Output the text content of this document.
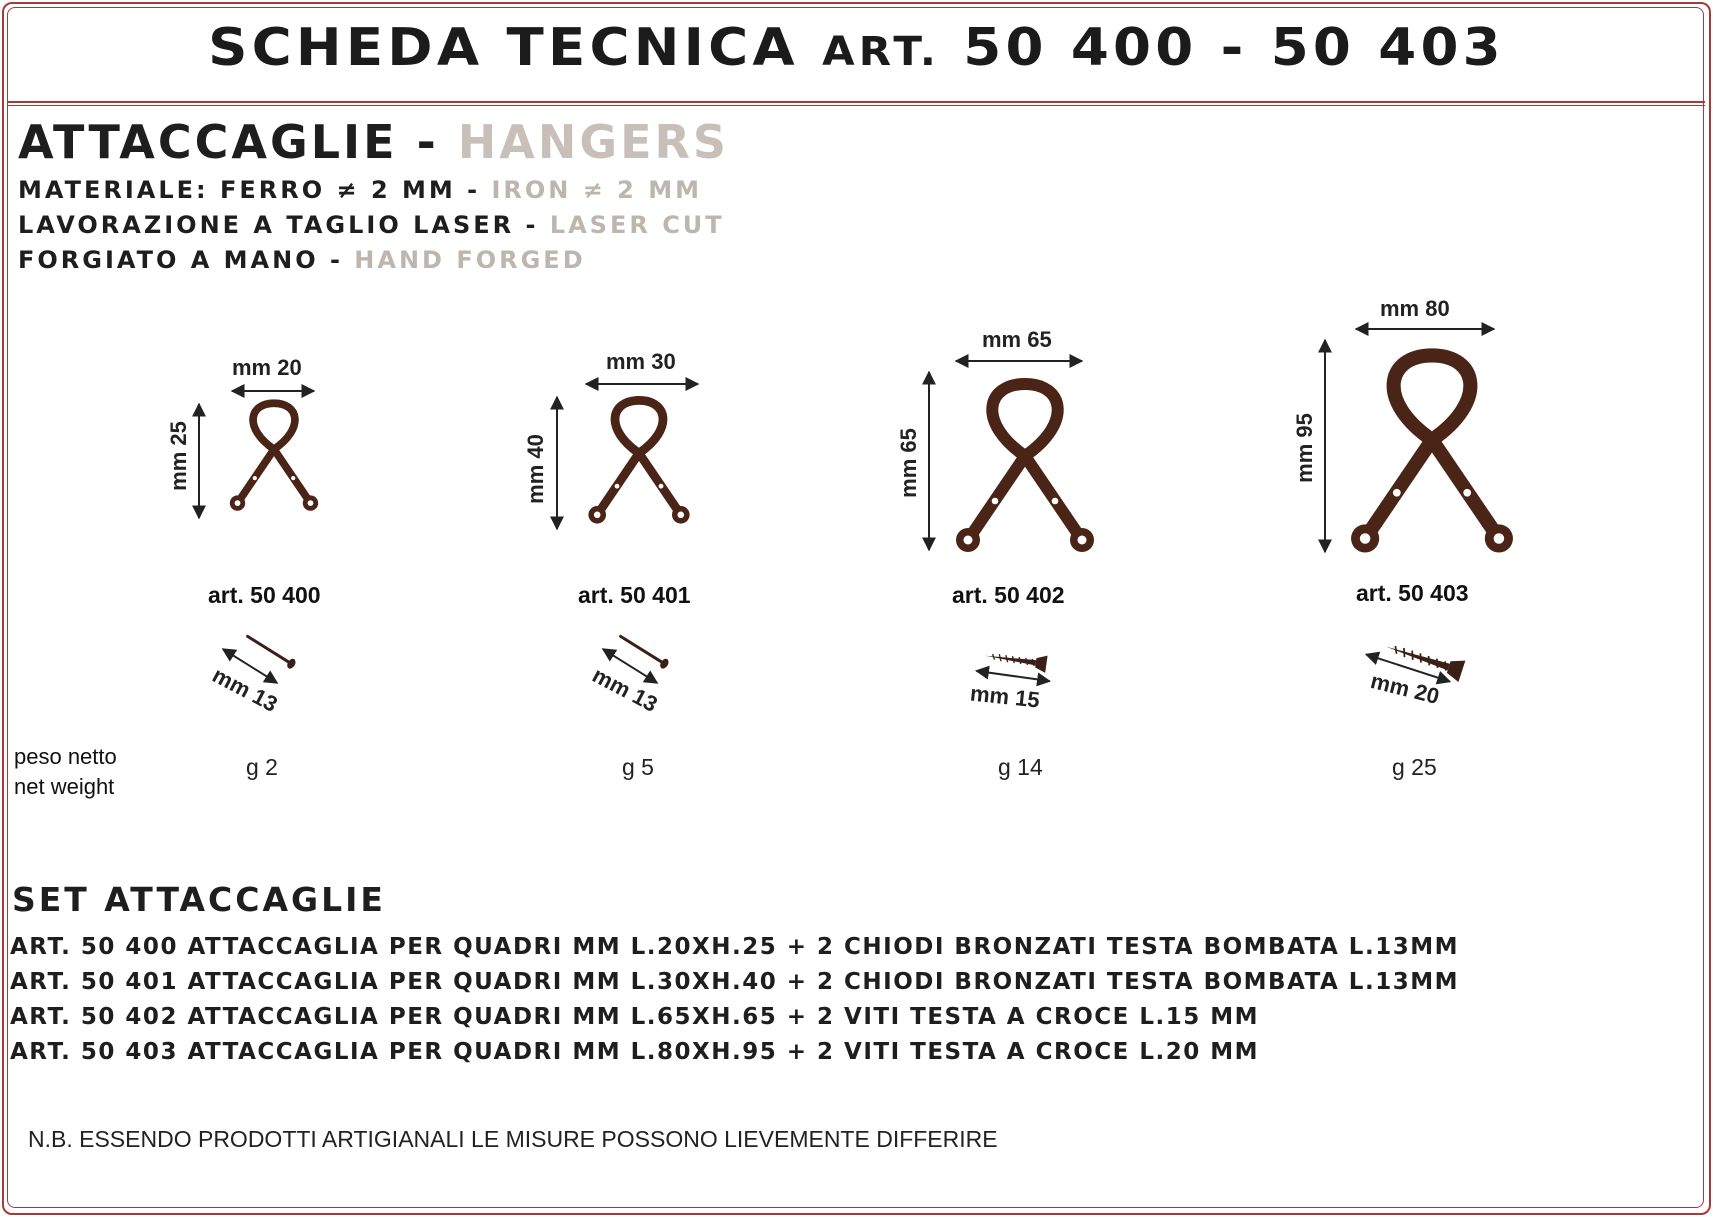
SCHEDA TECNICA ART. 50 400 - 50 403
ATTACCAGLIE - HANGERS
MATERIALE: FERRO ≠ 2 MM - IRON ≠ 2 MM
LAVORAZIONE A TAGLIO LASER - LASER CUT
FORGIATO A MANO - HAND FORGED
mm 20
mm 25
art. 50 400
mm 13
g 2
mm 30
mm 40
art. 50 401
mm 13
g 5
mm 65
mm 65
art. 50 402
mm 15
g 14
mm 80
mm 95
art. 50 403
mm 20
g 25
peso netto
net weight
SET ATTACCAGLIE
ART. 50 400 ATTACCAGLIA PER QUADRI MM L.20XH.25 + 2 CHIODI BRONZATI TESTA BOMBATA L.13MM
ART. 50 401 ATTACCAGLIA PER QUADRI MM L.30XH.40 + 2 CHIODI BRONZATI TESTA BOMBATA L.13MM
ART. 50 402 ATTACCAGLIA PER QUADRI MM L.65XH.65 + 2 VITI TESTA A CROCE L.15 MM
ART. 50 403 ATTACCAGLIA PER QUADRI MM L.80XH.95 + 2 VITI TESTA A CROCE L.20 MM
N.B. ESSENDO PRODOTTI ARTIGIANALI LE MISURE POSSONO LIEVEMENTE DIFFERIRE
